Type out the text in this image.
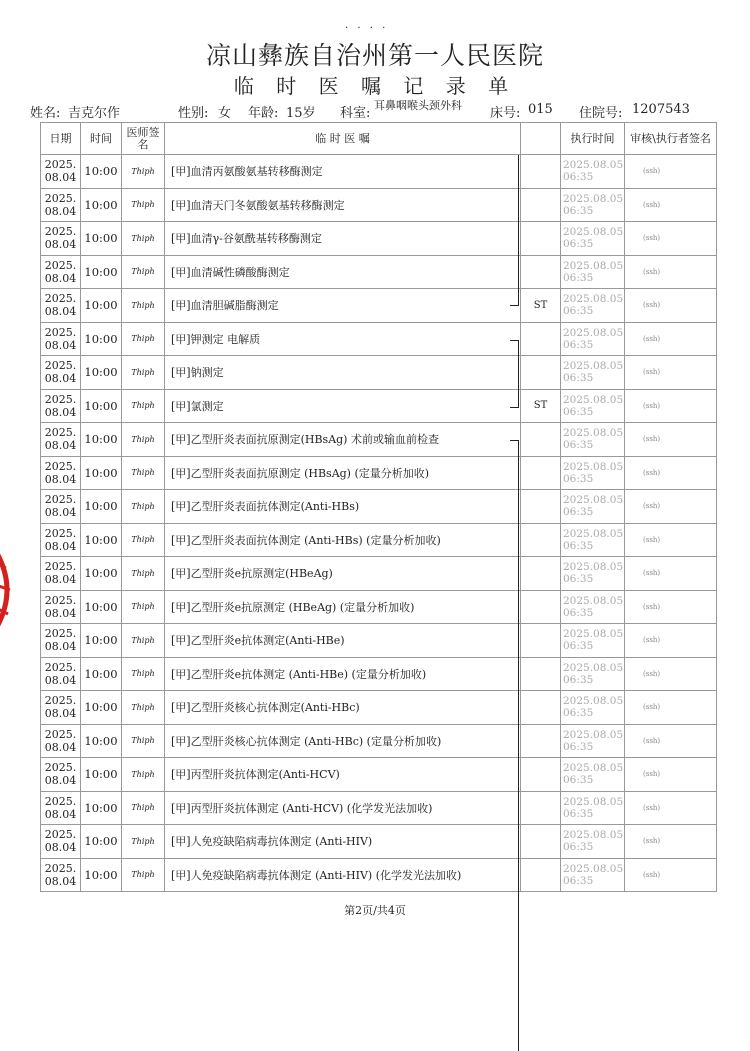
. . . .
凉山彝族自治州第一人民医院
临 时 医 嘱 记 录 单
姓名: 吉克尔作	性别: 女 年龄: 15岁 科室:
耳鼻咽喉头颈外科
床号: 015 住院号: 1207543
日期	时间	医师签名	临 时 医 嘱		执行时间	审核\执行者签名
2025.
08.04	10:00	Thiph	[甲]血清丙氨酸氨基转移酶测定		2025.08.05
06:35	(ssh)
2025.
08.04	10:00	Thiph	[甲]血清天门冬氨酸氨基转移酶测定		2025.08.05
06:35	(ssh)
2025.
08.04	10:00	Thiph	[甲]血清γ-谷氨酰基转移酶测定		2025.08.05
06:35	(ssh)
2025.
08.04	10:00	Thiph	[甲]血清碱性磷酸酶测定		2025.08.05
06:35	(ssh)
2025.
08.04	10:00	Thiph	[甲]血清胆碱脂酶测定	ST	2025.08.05
06:35	(ssh)
2025.
08.04	10:00	Thiph	[甲]钾测定 电解质		2025.08.05
06:35	(ssh)
2025.
08.04	10:00	Thiph	[甲]钠测定		2025.08.05
06:35	(ssh)
2025.
08.04	10:00	Thiph	[甲]氯测定	ST	2025.08.05
06:35	(ssh)
2025.
08.04	10:00	Thiph	[甲]乙型肝炎表面抗原测定(HBsAg) 术前或输血前检查		2025.08.05
06:35	(ssh)
2025.
08.04	10:00	Thiph	[甲]乙型肝炎表面抗原测定 (HBsAg) (定量分析加收)		2025.08.05
06:35	(ssh)
2025.
08.04	10:00	Thiph	[甲]乙型肝炎表面抗体测定(Anti-HBs)		2025.08.05
06:35	(ssh)
2025.
08.04	10:00	Thiph	[甲]乙型肝炎表面抗体测定 (Anti-HBs) (定量分析加收)		2025.08.05
06:35	(ssh)
2025.
08.04	10:00	Thiph	[甲]乙型肝炎e抗原测定(HBeAg)		2025.08.05
06:35	(ssh)
2025.
08.04	10:00	Thiph	[甲]乙型肝炎e抗原测定 (HBeAg) (定量分析加收)		2025.08.05
06:35	(ssh)
2025.
08.04	10:00	Thiph	[甲]乙型肝炎e抗体测定(Anti-HBe)		2025.08.05
06:35	(ssh)
2025.
08.04	10:00	Thiph	[甲]乙型肝炎e抗体测定 (Anti-HBe) (定量分析加收)		2025.08.05
06:35	(ssh)
2025.
08.04	10:00	Thiph	[甲]乙型肝炎核心抗体测定(Anti-HBc)		2025.08.05
06:35	(ssh)
2025.
08.04	10:00	Thiph	[甲]乙型肝炎核心抗体测定 (Anti-HBc) (定量分析加收)		2025.08.05
06:35	(ssh)
2025.
08.04	10:00	Thiph	[甲]丙型肝炎抗体测定(Anti-HCV)		2025.08.05
06:35	(ssh)
2025.
08.04	10:00	Thiph	[甲]丙型肝炎抗体测定 (Anti-HCV) (化学发光法加收)		2025.08.05
06:35	(ssh)
2025.
08.04	10:00	Thiph	[甲]人免疫缺陷病毒抗体测定 (Anti-HIV)		2025.08.05
06:35	(ssh)
2025.
08.04	10:00	Thiph	[甲]人免疫缺陷病毒抗体测定 (Anti-HIV) (化学发光法加收)		2025.08.05
06:35	(ssh)
第2页/共4页
